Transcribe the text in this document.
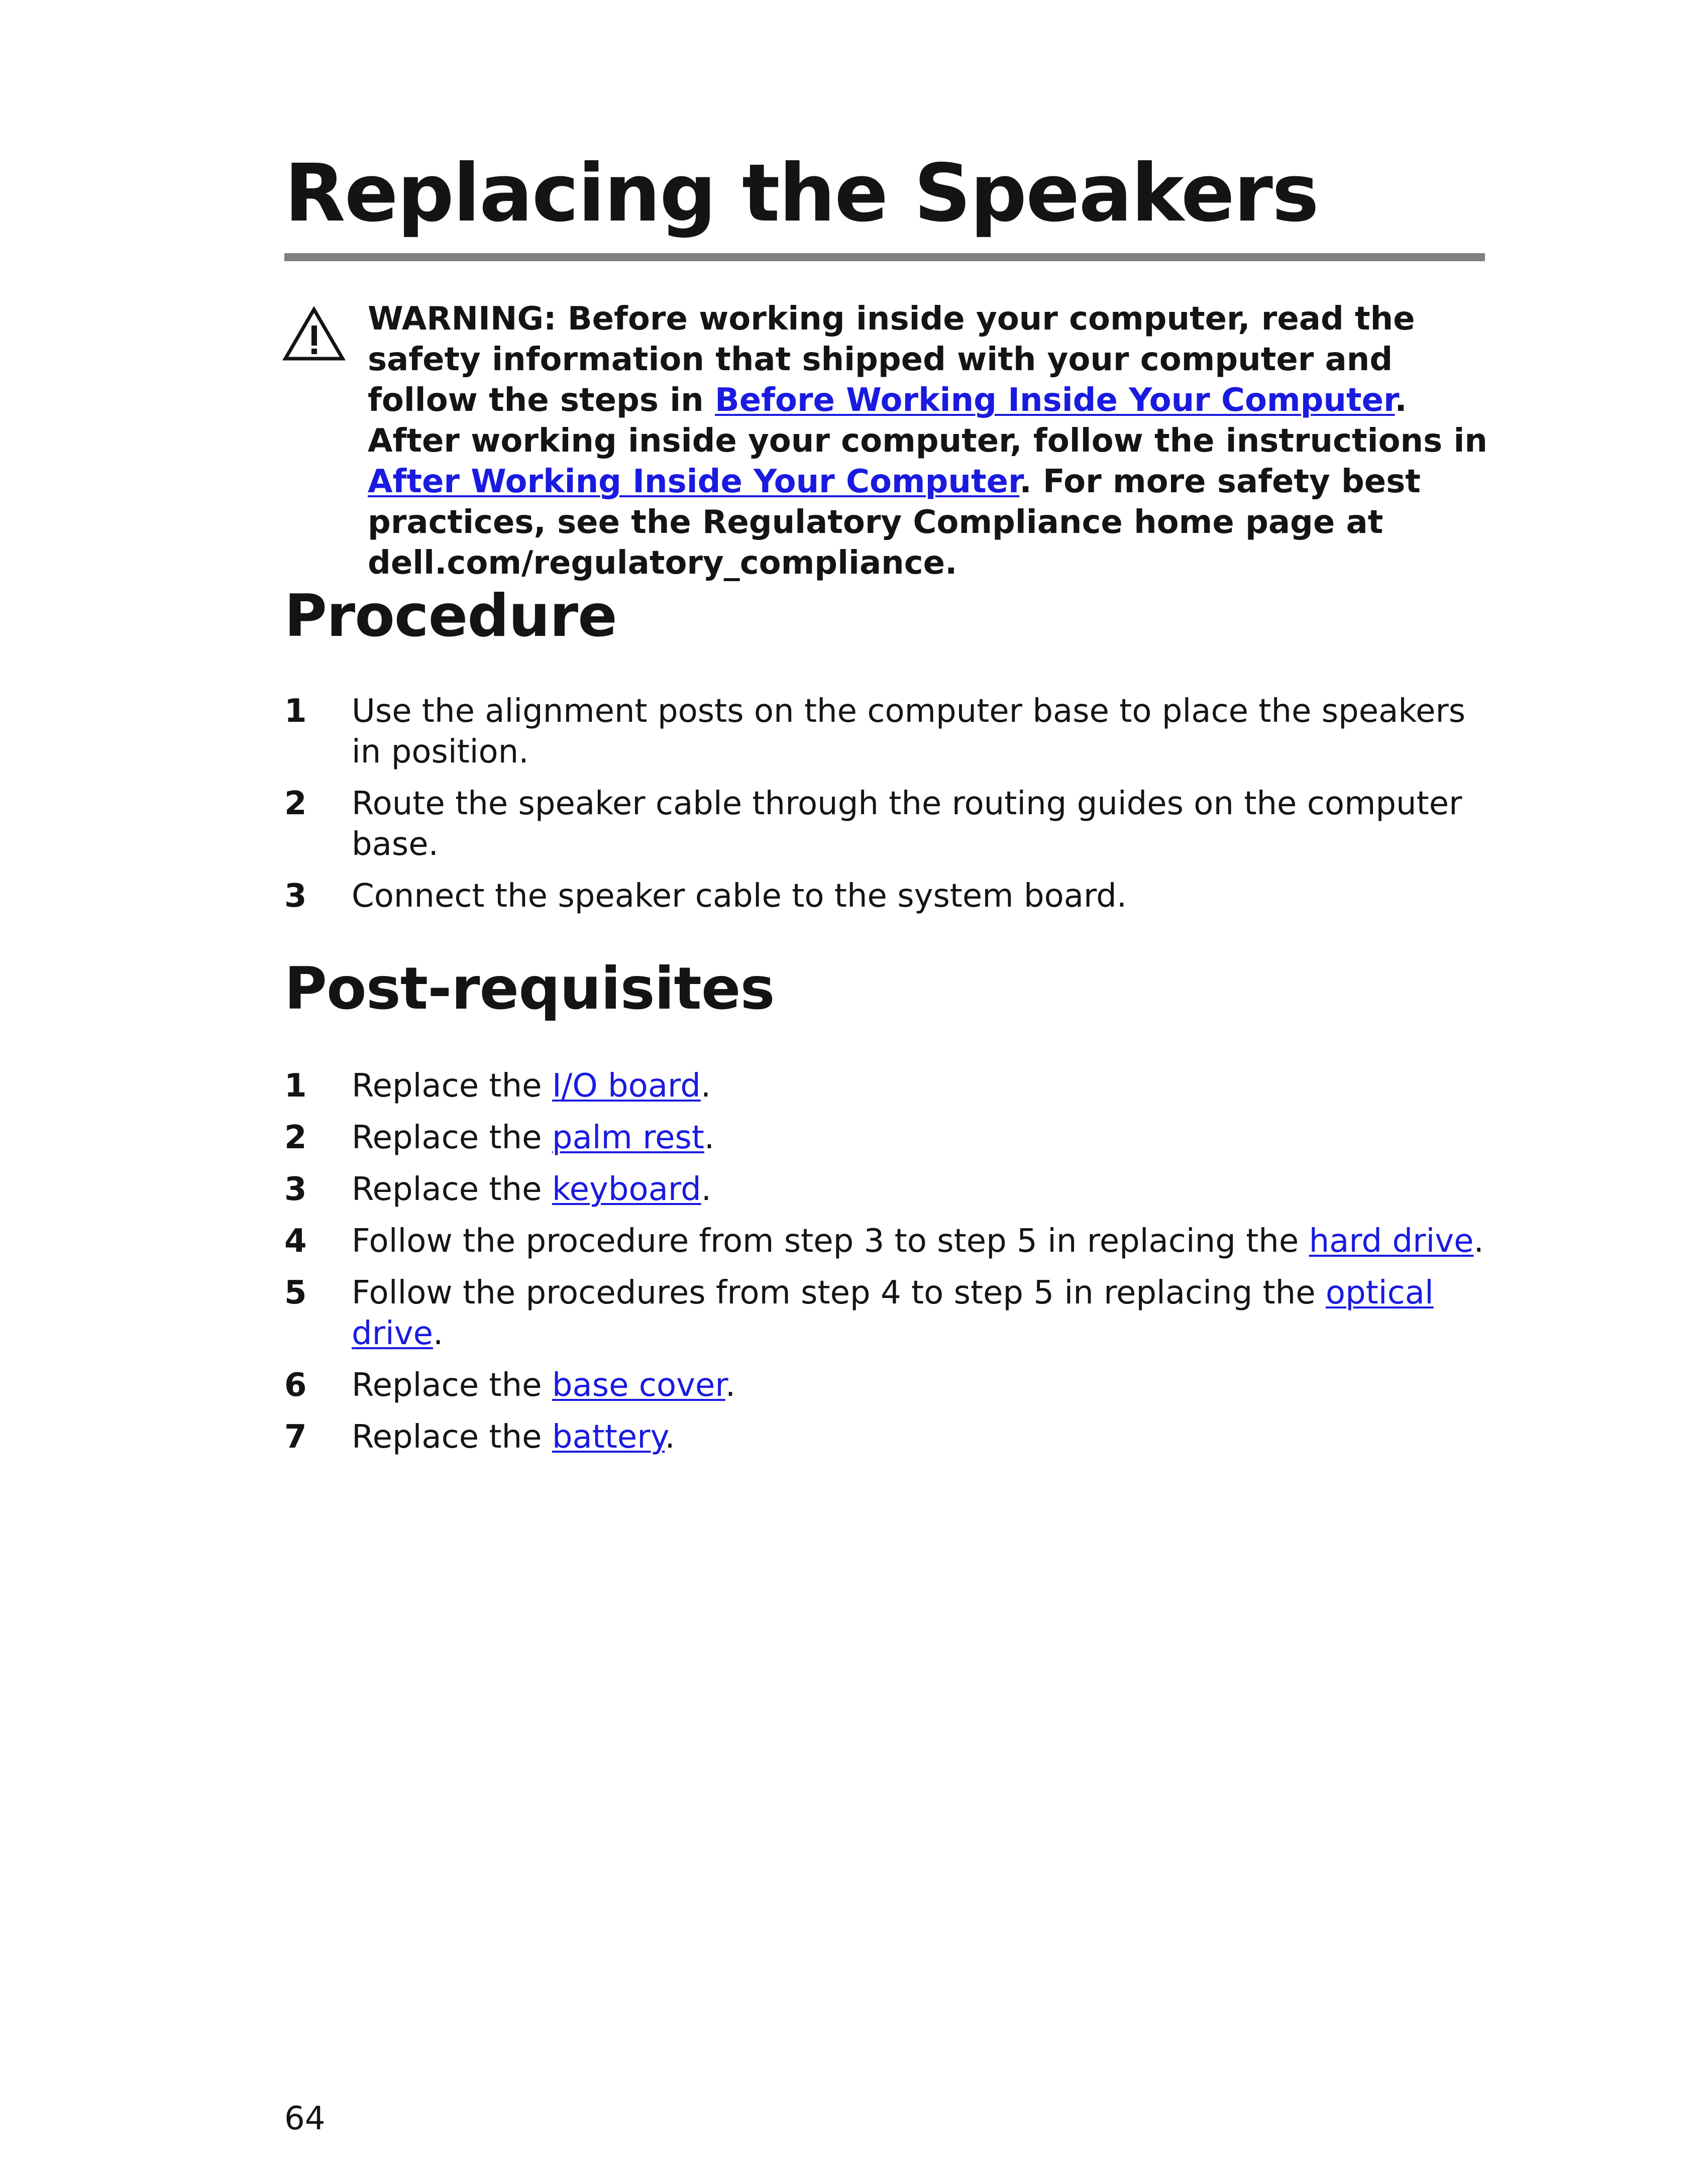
Replacing the Speakers

WARNING: Before working inside your computer, read the safety information that shipped with your computer and follow the steps in Before Working Inside Your Computer. After working inside your computer, follow the instructions in After Working Inside Your Computer. For more safety best practices, see the Regulatory Compliance home page at dell.com/regulatory_compliance.

Procedure
1	Use the alignment posts on the computer base to place the speakers in position.
2	Route the speaker cable through the routing guides on the computer base.
3	Connect the speaker cable to the system board.
Post-requisites
1	Replace the I/O board.
2	Replace the palm rest.
3	Replace the keyboard.
4	Follow the procedure from step 3 to step 5 in replacing the hard drive.
5	Follow the procedures from step 4 to step 5 in replacing the optical drive.
6	Replace the base cover.
7	Replace the battery.
64
